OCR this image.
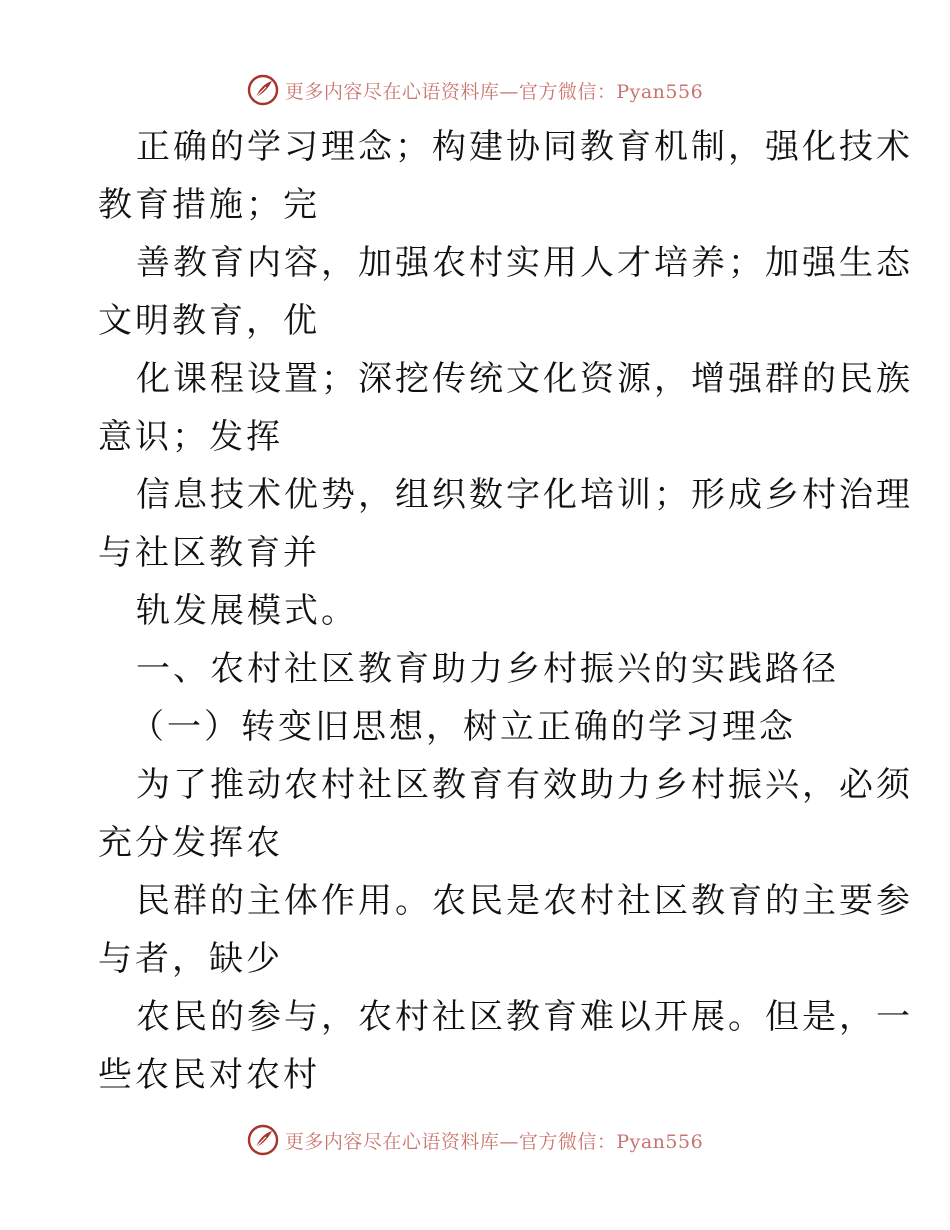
更多内容尽在心语资料库—官方微信：Pyan556
正确的学习理念；构建协同教育机制，强化技术
教育措施；完
善教育内容，加强农村实用人才培养；加强生态
文明教育，优
化课程设置；深挖传统文化资源，增强群的民族
意识；发挥
信息技术优势，组织数字化培训；形成乡村治理
与社区教育并
轨发展模式。
一、农村社区教育助力乡村振兴的实践路径
（一）转变旧思想，树立正确的学习理念
为了推动农村社区教育有效助力乡村振兴，必须
充分发挥农
民群的主体作用。农民是农村社区教育的主要参
与者，缺少
农民的参与，农村社区教育难以开展。但是，一
些农民对农村
更多内容尽在心语资料库—官方微信：Pyan556
